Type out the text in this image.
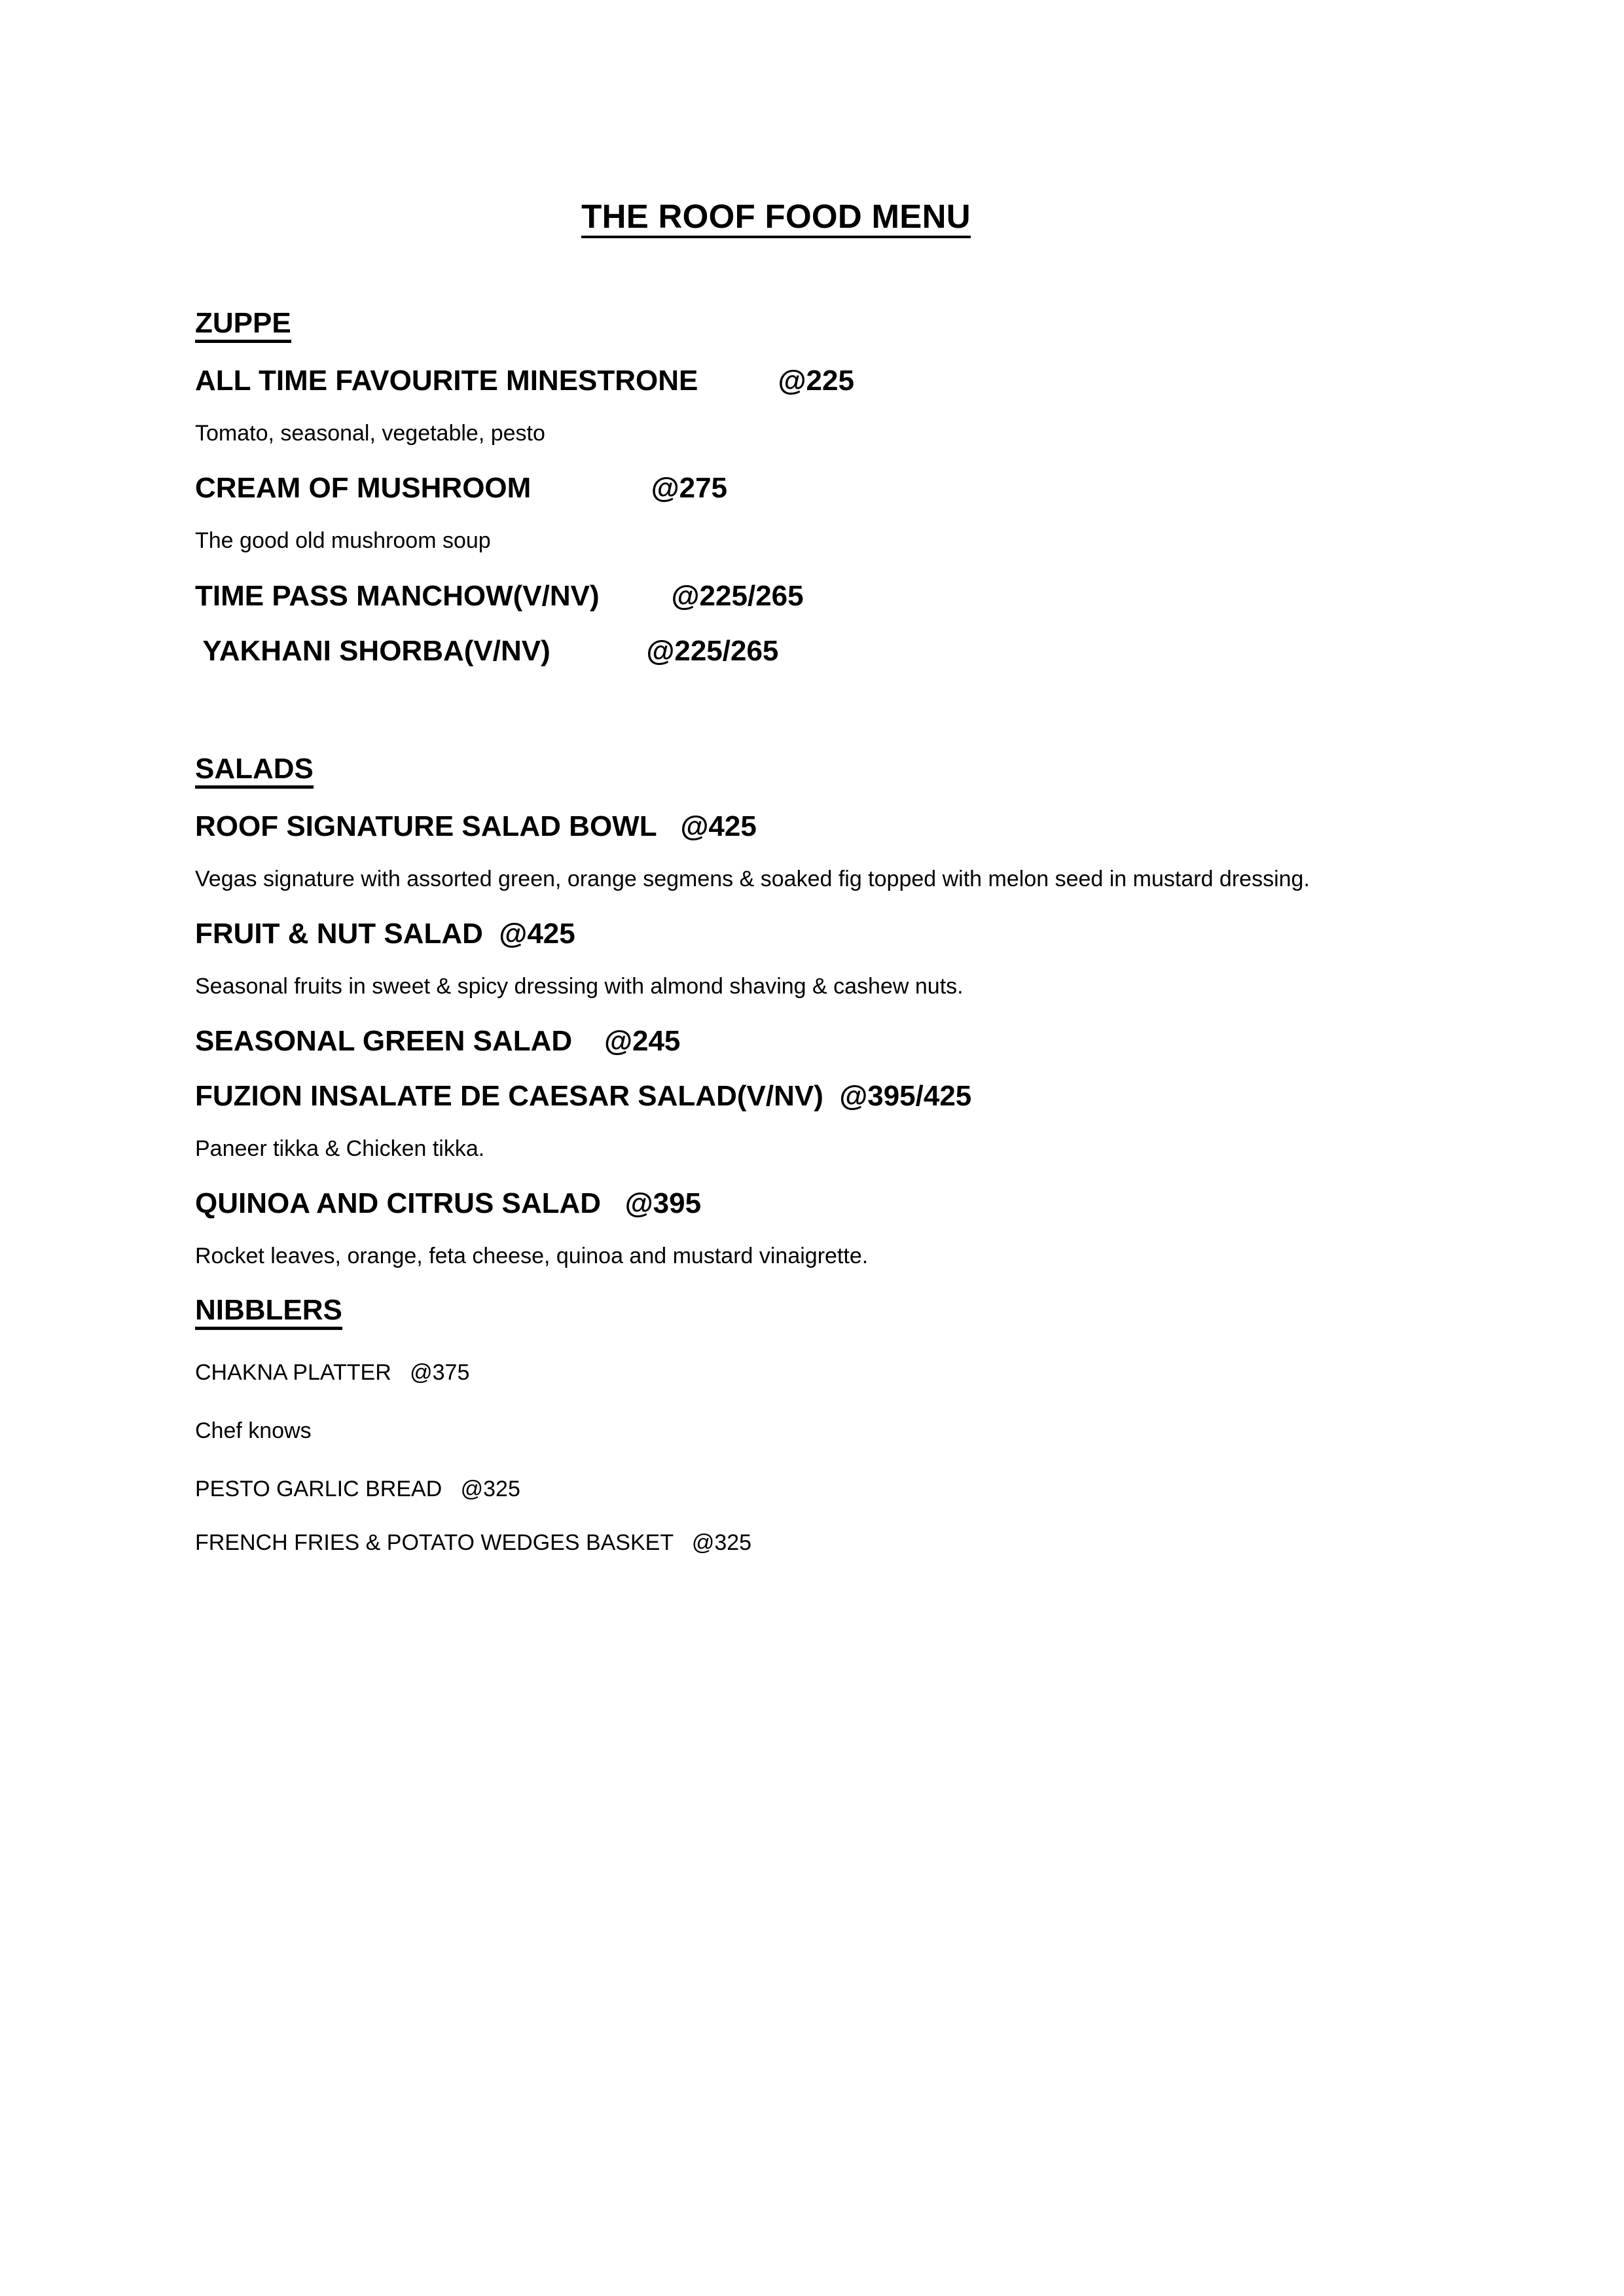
THE ROOF FOOD MENU
ZUPPE
ALL TIME FAVOURITE MINESTRONE	@225
Tomato, seasonal, vegetable, pesto
CREAM OF MUSHROOM	@275
The good old mushroom soup
TIME PASS MANCHOW(V/NV)	@225/265
YAKHANI SHORBA(V/NV)	@225/265
SALADS
ROOF SIGNATURE SALAD BOWL @425
Vegas signature with assorted green, orange segmens & soaked fig topped with melon seed in mustard dressing.
FRUIT & NUT SALAD @425
Seasonal fruits in sweet & spicy dressing with almond shaving & cashew nuts.
SEASONAL GREEN SALAD @245
FUZION INSALATE DE CAESAR SALAD(V/NV) @395/425
Paneer tikka & Chicken tikka.
QUINOA AND CITRUS SALAD @395
Rocket leaves, orange, feta cheese, quinoa and mustard vinaigrette.
NIBBLERS
CHAKNA PLATTER @375
Chef knows
PESTO GARLIC BREAD @325
FRENCH FRIES & POTATO WEDGES BASKET @325
